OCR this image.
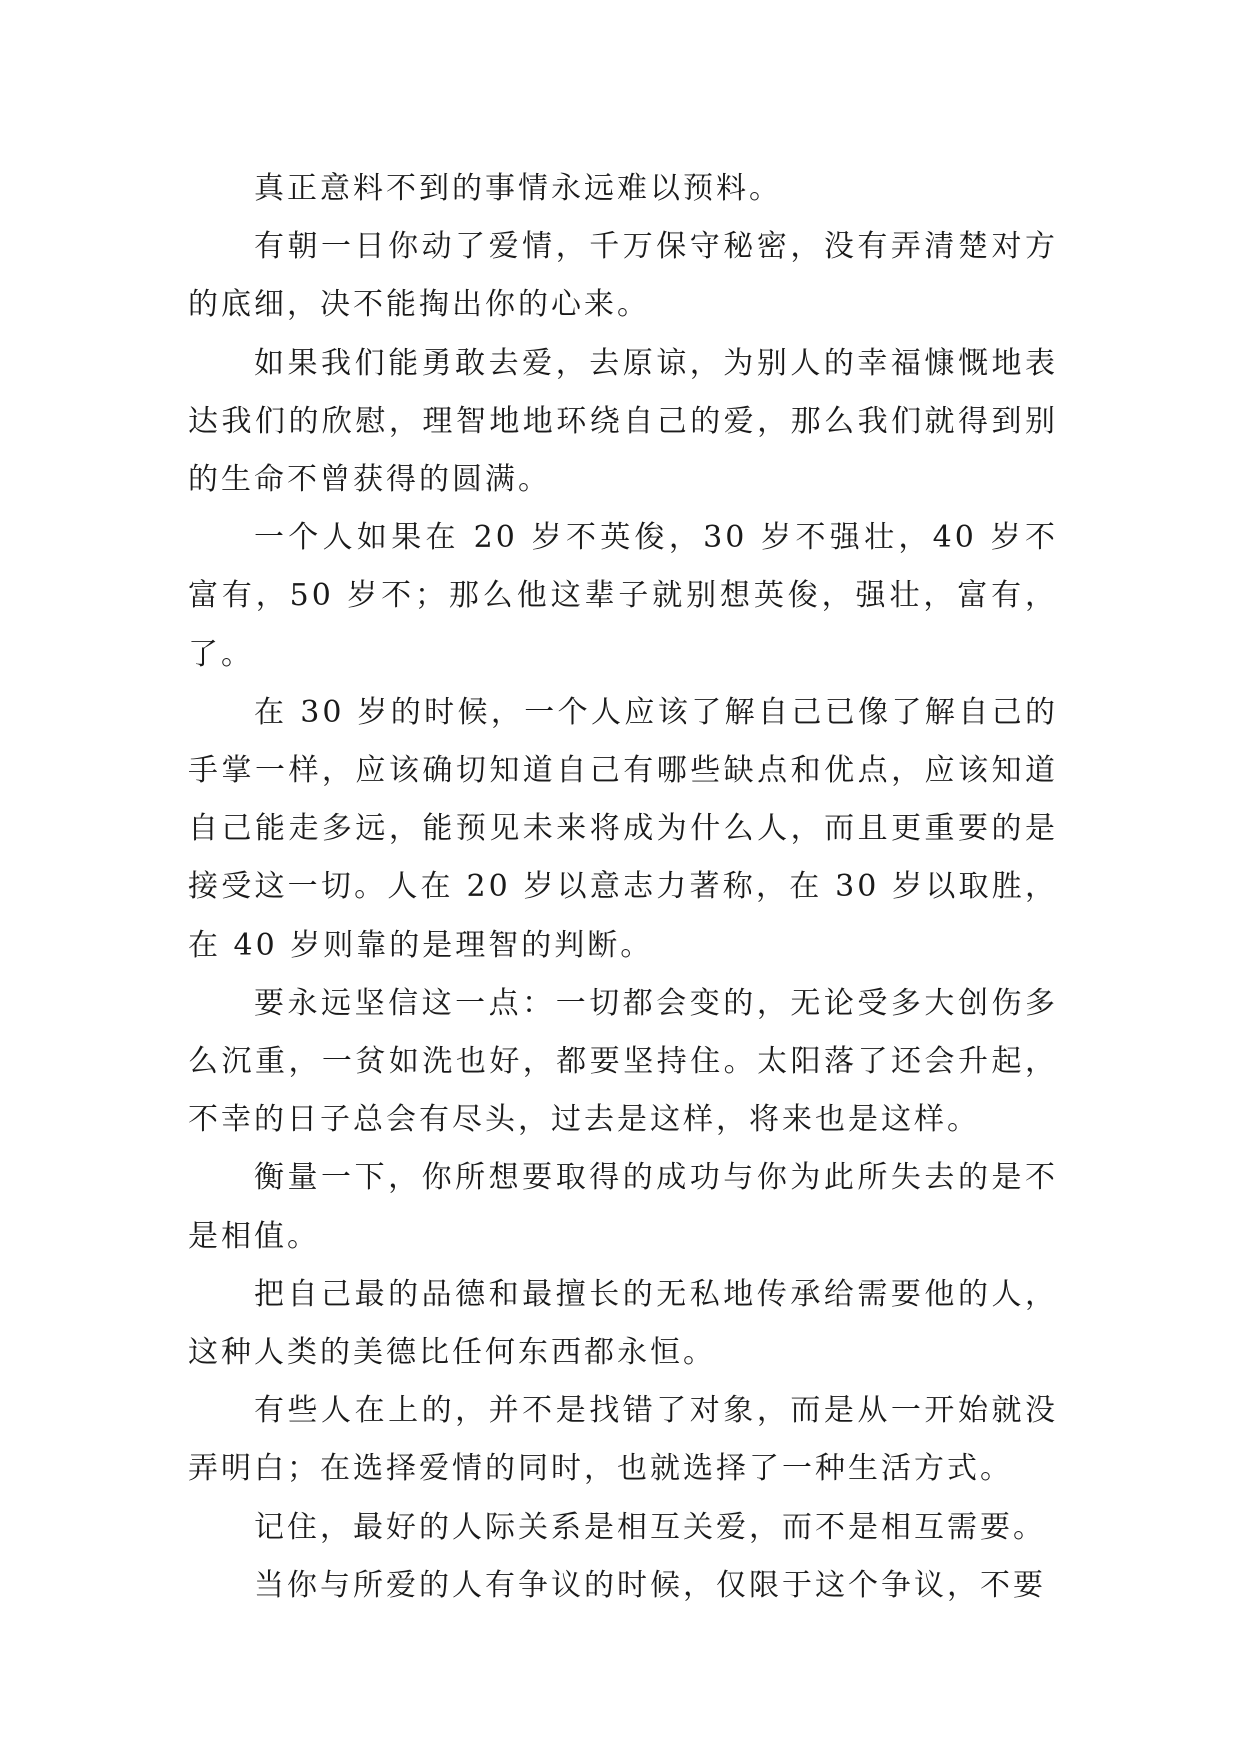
真正意料不到的事情永远难以预料。

有朝一日你动了爱情，千万保守秘密，没有弄清楚对方的底细，决不能掏出你的心来。

如果我们能勇敢去爱，去原谅，为别人的幸福慷慨地表达我们的欣慰，理智地地环绕自己的爱，那么我们就得到别的生命不曾获得的圆满。

一个人如果在 20 岁不英俊，30 岁不强壮，40 岁不富有，50 岁不；那么他这辈子就别想英俊，强壮，富有，了。

在 30 岁的时候，一个人应该了解自己已像了解自己的手掌一样，应该确切知道自己有哪些缺点和优点，应该知道自己能走多远，能预见未来将成为什么人，而且更重要的是接受这一切。人在 20 岁以意志力著称，在 30 岁以取胜，在 40 岁则靠的是理智的判断。

要永远坚信这一点：一切都会变的，无论受多大创伤多么沉重，一贫如洗也好，都要坚持住。太阳落了还会升起，不幸的日子总会有尽头，过去是这样，将来也是这样。

衡量一下，你所想要取得的成功与你为此所失去的是不是相值。

把自己最的品德和最擅长的无私地传承给需要他的人，这种人类的美德比任何东西都永恒。

有些人在上的，并不是找错了对象，而是从一开始就没弄明白；在选择爱情的同时，也就选择了一种生活方式。

记住，最好的人际关系是相互关爱，而不是相互需要。

当你与所爱的人有争议的时候，仅限于这个争议，不要
